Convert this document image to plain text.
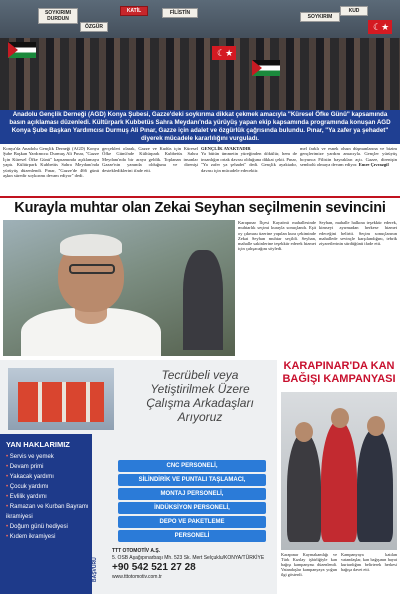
SOYKIRIMI DURDUN
ÖZGÜR
KATİL	FİLİSTİN
SOYKIRIM
KUD
☾★
☾★
Anadolu Gençlik Derneği (AGD) Konya Şubesi, Gazze'deki soykırıma dikkat çekmek amacıyla "Küresel Öfke Günü" kapsamında basın açıklaması düzenledi. Kültürpark Kubbetüs Sahra Meydanı'nda yürüyüş yapan ekip kapsamında programında konuşan AGD Konya Şube Başkan Yardımcısı Durmuş Ali Pınar, Gazze için adalet ve özgürlük çağrısında bulundu. Pınar, "Ya zafer ya şehadet" diyerek mücadele kararlılığını vurguladı.
Konya'da Anadolu Gençlik Derneği (AGD) Konya Şube Başkan Yardımcısı Durmuş Ali Pınar, "Gazze İçin Küresel Öfke Günü" kapsamında açıklamaya yaptı. Kültürpark Kubbetüs Sahra Meydanı'nda yürüyüş düzenlendi. Pınar, "Gazze'de 466 günü aşkın süredir soykırımı devam ediyor" dedi.
gerçekleri olarak, Gazze ve Kudüs için Küresel Öfke Günü'nde Kültürpark Kubbetüs Sahra Meydanı'nda bir araya geldik. Toplanan insanlar Gazze'nin yanında olduğunu ve direnişi desteklediklerini ifade etti.
GENÇLİK AYAKTADIR
Ya bütün ümmetin yüreğinden dökülür, hem de insanlığın ortak davası olduğuna dikkat çekti. Pınar, "Ya zafer ya şehadet" dedi. Gençlik ayaktadır, davası için mücadele edecektir.
mel farklı ve esnek olsun düşmanlarına ve bizim gençlerimize yardım amacıyla. Gençler yürüyüş boyunca Filistin bayrakları açtı. Gazze, direnişin sembolü olmaya devam ediyor. Emre Çıvrazgil
Kurayla muhtar olan Zekai Seyhan seçilmenin sevincini
Karapınar İlçesi Kayaönü mahallesinde muhtarlık seçimi kurayla sonuçlandı. Eşit oy çıkması üzerine yapılan kura çekiminde Zekai Seyhan muhtar seçildi. Seyhan, mahalle sakinlerine teşekkür ederek hizmet için çalışacağını söyledi.
Seyhan, mahalle halkına teşekkür ederek, kimseyi ayırmadan herkese hizmet edeceğini belirtti. Seçim sonuçlarının mahallede sevinçle karşılandığını, tebrik ziyaretlerinin sürdüğünü ifade etti.
Tecrübeli veya Yetiştirilmek Üzere Çalışma Arkadaşları Arıyoruz
YAN HAKLARIMIZ
• Servis ve yemek
• Devam primi
• Yakacak yardımı
• Çocuk yardımı
• Evlilik yardımı
• Ramazan ve Kurban Bayramı ikramiyesi
• Doğum günü hediyesi
• Kıdem ikramiyesi
CNC PERSONELİ,
SİLİNDİRİK VE PUNTALI TAŞLAMACI,
MONTAJ PERSONELİ,
İNDÜKSİYON PERSONELİ,
DEPO VE PAKETLEME
PERSONELİ
BAŞVURU
TTT OTOMOTİV A.Ş.
5. OSB Aşağıpınarbaşı Mh. 523 Sk. Mert Selçuklu/KONYA/TÜRKİYE
+90 542 521 27 28
www.tttotomotiv.com.tr
KARAPINAR'DA KAN BAĞIŞI KAMPANYASI
Karapınar Kaymakamlığı ve Türk Kızılay işbirliğiyle kan bağışı kampanyası düzenlendi. Vatandaşlar kampanyaya yoğun ilgi gösterdi.
Kampanyaya katılan vatandaşlar, kan bağışının hayat kurtardığını belirterek herkesi bağışa davet etti.
